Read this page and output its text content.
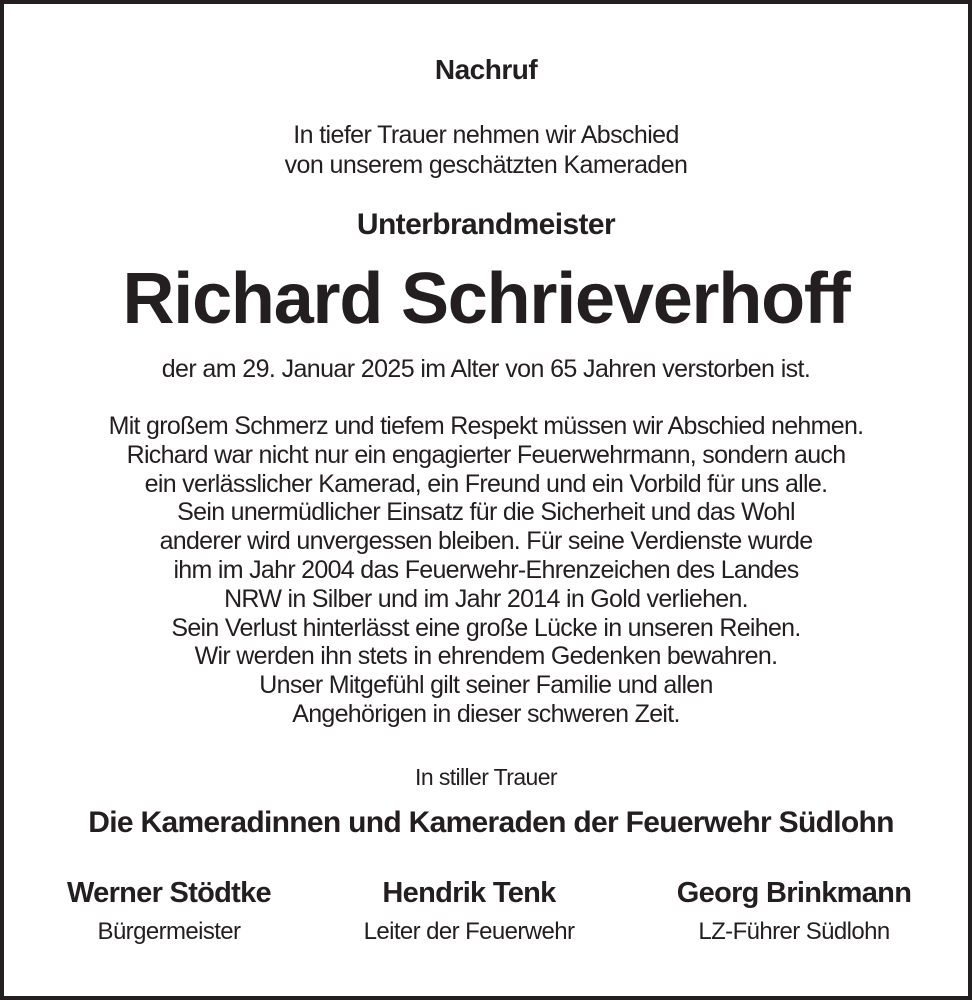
Nachruf
In tiefer Trauer nehmen wir Abschied
von unserem geschätzten Kameraden
Unterbrandmeister
Richard Schrieverhoff
der am 29. Januar 2025 im Alter von 65 Jahren verstorben ist.
Mit großem Schmerz und tiefem Respekt müssen wir Abschied nehmen.
Richard war nicht nur ein engagierter Feuerwehrmann, sondern auch
ein verlässlicher Kamerad, ein Freund und ein Vorbild für uns alle.
Sein unermüdlicher Einsatz für die Sicherheit und das Wohl
anderer wird unvergessen bleiben. Für seine Verdienste wurde
ihm im Jahr 2004 das Feuerwehr-Ehrenzeichen des Landes
NRW in Silber und im Jahr 2014 in Gold verliehen.
Sein Verlust hinterlässt eine große Lücke in unseren Reihen.
Wir werden ihn stets in ehrendem Gedenken bewahren.
Unser Mitgefühl gilt seiner Familie und allen
Angehörigen in dieser schweren Zeit.
In stiller Trauer
Die Kameradinnen und Kameraden der Feuerwehr Südlohn
Werner Stödtke
Bürgermeister
Hendrik Tenk
Leiter der Feuerwehr
Georg Brinkmann
LZ-Führer Südlohn
